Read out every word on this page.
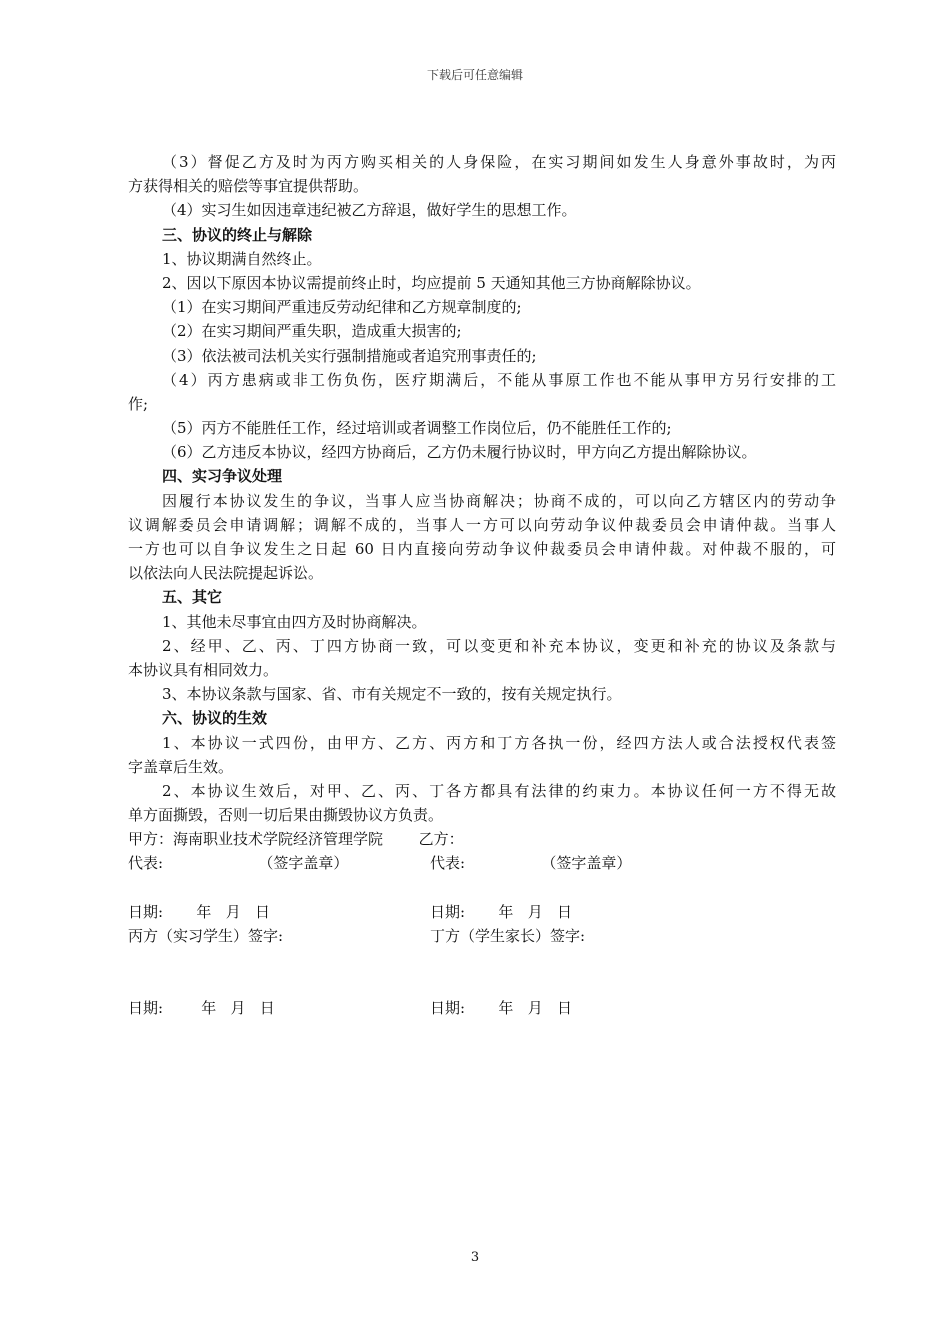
下载后可任意编辑
（3）督促乙方及时为丙方购买相关的人身保险，在实习期间如发生人身意外事故时，为丙
方获得相关的赔偿等事宜提供帮助。
（4）实习生如因违章违纪被乙方辞退，做好学生的思想工作。
三、协议的终止与解除
1、协议期满自然终止。
2、因以下原因本协议需提前终止时，均应提前 5 天通知其他三方协商解除协议。
（1）在实习期间严重违反劳动纪律和乙方规章制度的;
（2）在实习期间严重失职，造成重大损害的;
（3）依法被司法机关实行强制措施或者追究刑事责任的;
（4）丙方患病或非工伤负伤，医疗期满后，不能从事原工作也不能从事甲方另行安排的工
作;
（5）丙方不能胜任工作，经过培训或者调整工作岗位后，仍不能胜任工作的;
（6）乙方违反本协议，经四方协商后，乙方仍未履行协议时，甲方向乙方提出解除协议。
四、实习争议处理
因履行本协议发生的争议，当事人应当协商解决；协商不成的，可以向乙方辖区内的劳动争
议调解委员会申请调解；调解不成的，当事人一方可以向劳动争议仲裁委员会申请仲裁。当事人
一方也可以自争议发生之日起 60 日内直接向劳动争议仲裁委员会申请仲裁。对仲裁不服的，可
以依法向人民法院提起诉讼。
五、其它
1、其他未尽事宜由四方及时协商解决。
2、经甲、乙、丙、丁四方协商一致，可以变更和补充本协议，变更和补充的协议及条款与
本协议具有相同效力。
3、本协议条款与国家、省、市有关规定不一致的，按有关规定执行。
六、协议的生效
1、本协议一式四份，由甲方、乙方、丙方和丁方各执一份，经四方法人或合法授权代表签
字盖章后生效。
2、本协议生效后，对甲、乙、丙、丁各方都具有法律的约束力。本协议任何一方不得无故
单方面撕毁，否则一切后果由撕毁协议方负责。
甲方：海南职业技术学院经济管理学院 乙方：
代表:                    （签字盖章）	代表:                （签字盖章）
日期:       年   月   日	日期:       年   月   日
丙方（实习学生）签字:	丁方（学生家长）签字:
日期:        年   月   日	日期:       年   月   日
3
